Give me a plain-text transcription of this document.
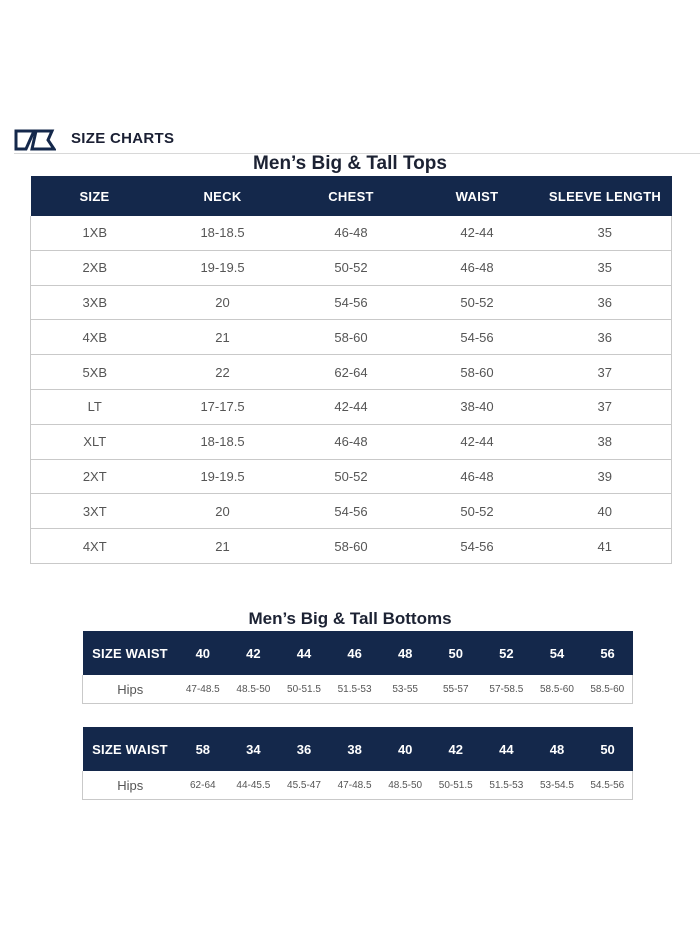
SIZE CHARTS
Men’s Big & Tall Tops
SIZE	NECK	CHEST	WAIST	SLEEVE LENGTH
1XB	18-18.5	46-48	42-44	35
2XB	19-19.5	50-52	46-48	35
3XB	20	54-56	50-52	36
4XB	21	58-60	54-56	36
5XB	22	62-64	58-60	37
LT	17-17.5	42-44	38-40	37
XLT	18-18.5	46-48	42-44	38
2XT	19-19.5	50-52	46-48	39
3XT	20	54-56	50-52	40
4XT	21	58-60	54-56	41
Men’s Big & Tall Bottoms
SIZE WAIST	40	42	44	46	48	50	52	54	56
Hips	47-48.5	48.5-50	50-51.5	51.5-53	53-55	55-57	57-58.5	58.5-60	58.5-60
SIZE WAIST	58	34	36	38	40	42	44	48	50
Hips	62-64	44-45.5	45.5-47	47-48.5	48.5-50	50-51.5	51.5-53	53-54.5	54.5-56
